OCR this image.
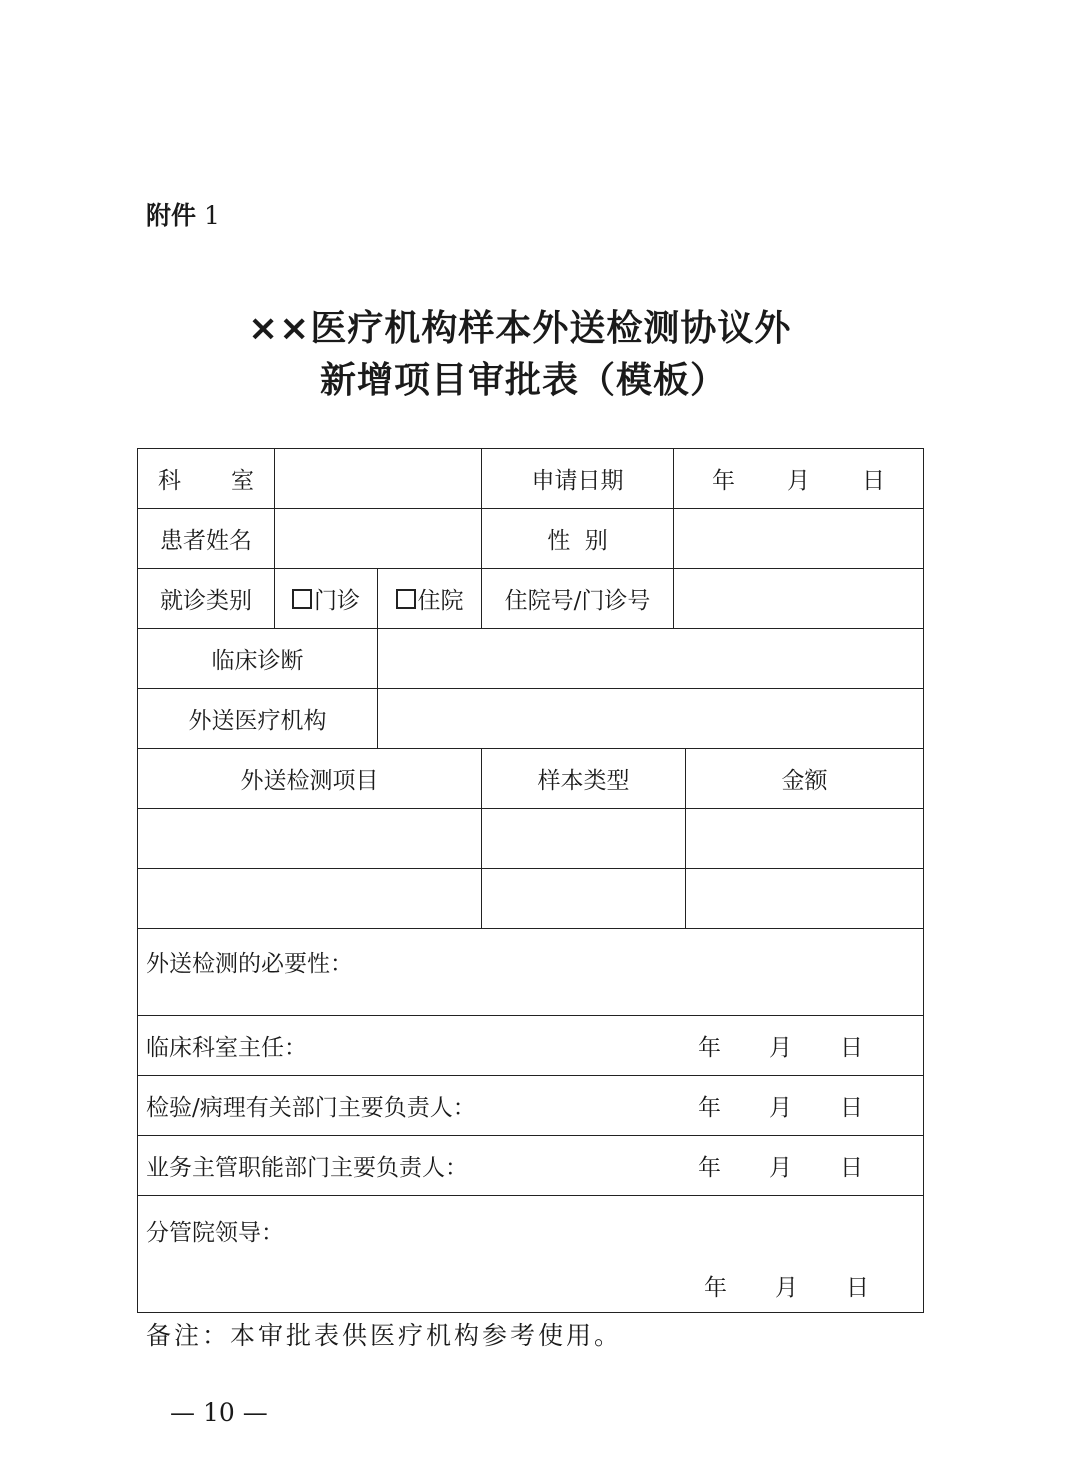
附件 1
××医疗机构样本外送检测协议外
新增项目审批表（模板）
科 室			申请日期	年 月 日	
患者姓名			性  别		
就诊类别	门诊	住院	住院号/门诊号		
临床诊断					
外送医疗机构					
外送检测项目			样本类型		金额

外送检测的必要性：					

临床科室主任： 年 月 日					

检验/病理有关部门主要负责人： 年 月 日					

业务主管职能部门主要负责人： 年 月 日					

分管院领导：
年 月 日					
备注：本审批表供医疗机构参考使用。
— 10 —
